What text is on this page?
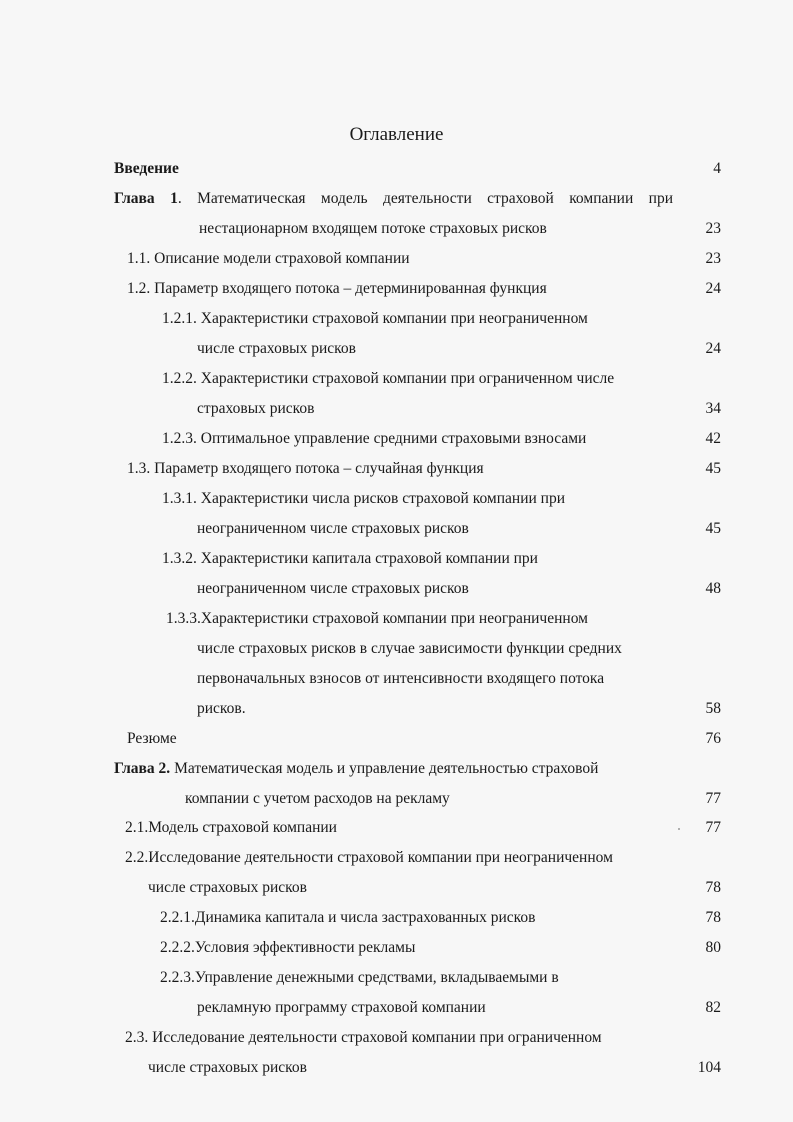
Оглавление
Введение	4
Глава 1. Математическая модель деятельности страховой компании при
нестационарном входящем потоке страховых рисков	23
1.1. Описание модели страховой компании	23
1.2. Параметр входящего потока – детерминированная функция	24
1.2.1. Характеристики страховой компании при неограниченном
числе страховых рисков	24
1.2.2. Характеристики страховой компании при ограниченном числе
страховых рисков	34
1.2.3. Оптимальное управление средними страховыми взносами	42
1.3. Параметр входящего потока – случайная функция	45
1.3.1. Характеристики числа рисков страховой компании при
неограниченном числе страховых рисков	45
1.3.2. Характеристики капитала страховой компании при
неограниченном числе страховых рисков	48
1.3.3.Характеристики страховой компании при неограниченном
числе страховых рисков в случае зависимости функции средних
первоначальных взносов от интенсивности входящего потока
рисков.	58
Резюме	76
Глава 2. Математическая модель и управление деятельностью страховой
компании с учетом расходов на рекламу	77
2.1.Модель страховой компании	77
2.2.Исследование деятельности страховой компании при неограниченном
числе страховых рисков	78
2.2.1.Динамика капитала и числа застрахованных рисков	78
2.2.2.Условия эффективности рекламы	80
2.2.3.Управление денежными средствами, вкладываемыми в
рекламную программу страховой компании	82
2.3. Исследование деятельности страховой компании при ограниченном
числе страховых рисков	104
